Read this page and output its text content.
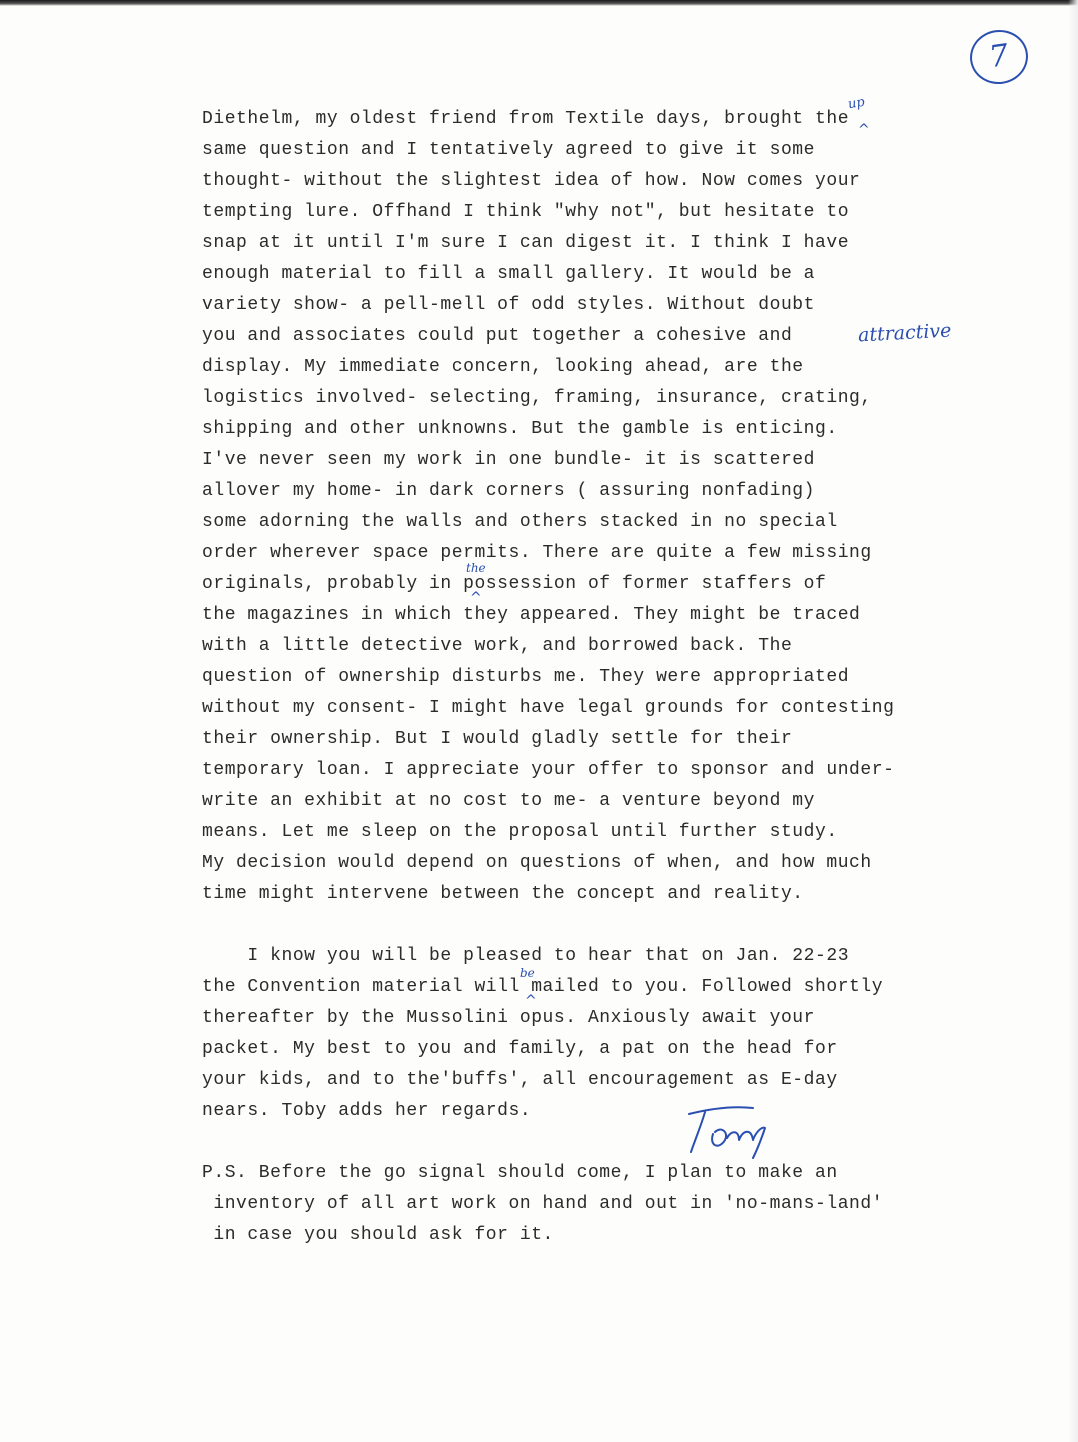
7
Diethelm, my oldest friend from Textile days, brought the
same question and I tentatively agreed to give it some
thought- without the slightest idea of how. Now comes your
tempting lure. Offhand I think "why not", but hesitate to
snap at it until I'm sure I can digest it. I think I have
enough material to fill a small gallery. It would be a
variety show- a pell-mell of odd styles. Without doubt
you and associates could put together a cohesive and
display. My immediate concern, looking ahead, are the
logistics involved- selecting, framing, insurance, crating,
shipping and other unknowns. But the gamble is enticing.
I've never seen my work in one bundle- it is scattered
allover my home- in dark corners ( assuring nonfading)
some adorning the walls and others stacked in no special
order wherever space permits. There are quite a few missing
originals, probably in possession of former staffers of
the magazines in which they appeared. They might be traced
with a little detective work, and borrowed back. The
question of ownership disturbs me. They were appropriated
without my consent- I might have legal grounds for contesting
their ownership. But I would gladly settle for their
temporary loan. I appreciate your offer to sponsor and under-
write an exhibit at no cost to me- a venture beyond my
means. Let me sleep on the proposal until further study.
My decision would depend on questions of when, and how much
time might intervene between the concept and reality.
I know you will be pleased to hear that on Jan. 22-23
the Convention material will mailed to you. Followed shortly
thereafter by the Mussolini opus. Anxiously await your
packet. My best to you and family, a pat on the head for
your kids, and to the'buffs', all encouragement as E-day
nears. Toby adds her regards.
P.S. Before the go signal should come, I plan to make an
inventory of all art work on hand and out in 'no-mans-land'
in case you should ask for it.
up
attractive
the
be
^
^
^
